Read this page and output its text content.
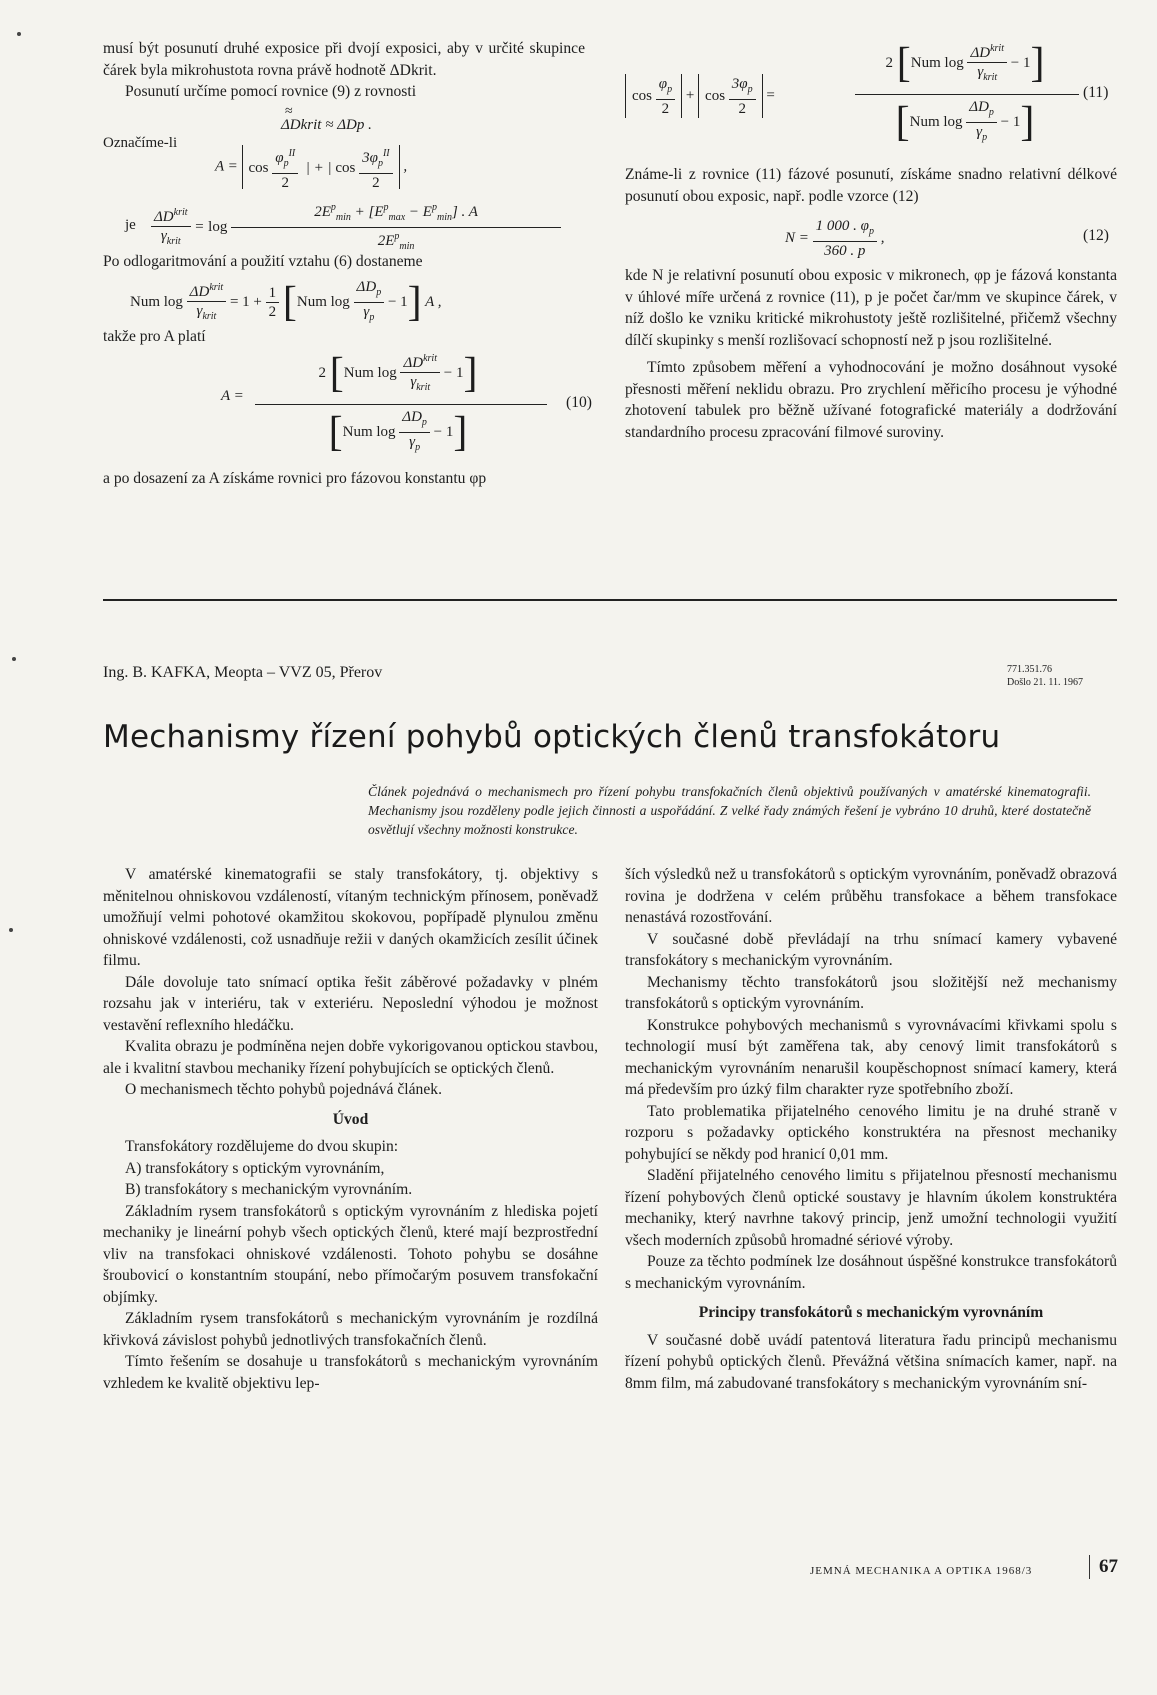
musí být posunutí druhé exposice při dvojí exposici, aby v určité skupince čárek byla mikrohustota rovna právě hodnotě ΔDkrit.

Posunutí určíme pomocí rovnice (9) z rovnosti

≈
ΔDkrit ≈ ΔDp .
Označíme-li
$A = \cos \frac{\varphi_p^{II}}{2}$ | + | $\cos \frac{3\varphi_p^{II}}{2}$ ,
je $\frac{\Delta D^{krit}}{\gamma_{krit}} = \log \frac{2E^p_{min} + [E^p_{max} - E^p_{min}] . A}{2E^p_{min}}$

Po odlogaritmování a použití vztahu (6) dostaneme

Num $\log \frac{\Delta D^{krit}}{\gamma_{krit}} = 1 + \frac{1}{2} [Num$ $\log \frac{\Delta D_p}{\gamma_p} - 1$] A ,

takže pro A platí

A =
2 [Num $\log \frac{\Delta D^{krit}}{\gamma_{krit}} - 1$]
[Num $\log \frac{\Delta D_p}{\gamma_p} - 1$]
(10)

a po dosazení za A získáme rovnici pro fázovou konstantu φp

$\cos \frac{\varphi_p}{2} + \cos \frac{3\varphi_p}{2}$ =
2 [Num $\log \frac{\Delta D^{krit}}{\gamma_{krit}} - 1$]
[Num $\log \frac{\Delta D_p}{\gamma_p} - 1$]
(11)

Známe-li z rovnice (11) fázové posunutí, získáme snadno relativní délkové posunutí obou exposic, např. podle vzorce (12)

$N = \frac{1 000 . \varphi_p}{360 . p}$ ,	(12)

kde N je relativní posunutí obou exposic v mikronech, φp je fázová konstanta v úhlové míře určená z rovnice (11), p je počet čar/mm ve skupince čárek, v níž došlo ke vzniku kritické mikrohustoty ještě rozlišitelné, přičemž všechny dílčí skupinky s menší rozlišovací schopností než p jsou rozlišitelné.

Tímto způsobem měření a vyhodnocování je možno dosáhnout vysoké přesnosti měření neklidu obrazu. Pro zrychlení měřicího procesu je výhodné zhotovení tabulek pro běžně užívané fotografické materiály a dodržování standardního procesu zpracování filmové suroviny.

Ing. B. KAFKA, Meopta – VVZ 05, Přerov	771.351.76
Došlo 21. 11. 1967
Mechanismy řízení pohybů optických členů transfokátoru
Článek pojednává o mechanismech pro řízení pohybu transfokačních členů objektivů používaných v amatérské kinematografii. Mechanismy jsou rozděleny podle jejich činnosti a uspořádání. Z velké řady známých řešení je vybráno 10 druhů, které dostatečně osvětlují všechny možnosti konstrukce.

V amatérské kinematografii se staly transfokátory, tj. objektivy s měnitelnou ohniskovou vzdáleností, vítaným technickým přínosem, poněvadž umožňují velmi pohotové okamžitou skokovou, popřípadě plynulou změnu ohniskové vzdálenosti, což usnadňuje režii v daných okamžicích zesílit účinek filmu.

Dále dovoluje tato snímací optika řešit záběrové požadavky v plném rozsahu jak v interiéru, tak v exteriéru. Neposlední výhodou je možnost vestavění reflexního hledáčku.

Kvalita obrazu je podmíněna nejen dobře vykorigovanou optickou stavbou, ale i kvalitní stavbou mechaniky řízení pohybujících se optických členů.

O mechanismech těchto pohybů pojednává článek.

Úvod

Transfokátory rozdělujeme do dvou skupin:

A) transfokátory s optickým vyrovnáním,

B) transfokátory s mechanickým vyrovnáním.

Základním rysem transfokátorů s optickým vyrovnáním z hlediska pojetí mechaniky je lineární pohyb všech optických členů, které mají bezprostřední vliv na transfokaci ohniskové vzdálenosti. Tohoto pohybu se dosáhne šroubovicí o konstantním stoupání, nebo přímočarým posuvem transfokační objímky.

Základním rysem transfokátorů s mechanickým vyrovnáním je rozdílná křivková závislost pohybů jednotlivých transfokačních členů.

Tímto řešením se dosahuje u transfokátorů s mechanickým vyrovnáním vzhledem ke kvalitě objektivu lep-

ších výsledků než u transfokátorů s optickým vyrovnáním, poněvadž obrazová rovina je dodržena v celém průběhu transfokace a během transfokace nenastává rozostřování.

V současné době převládají na trhu snímací kamery vybavené transfokátory s mechanickým vyrovnáním.

Mechanismy těchto transfokátorů jsou složitější než mechanismy transfokátorů s optickým vyrovnáním.

Konstrukce pohybových mechanismů s vyrovnávacími křivkami spolu s technologií musí být zaměřena tak, aby cenový limit transfokátorů s mechanickým vyrovnáním nenarušil koupěschopnost snímací kamery, která má především pro úzký film charakter ryze spotřebního zboží.

Tato problematika přijatelného cenového limitu je na druhé straně v rozporu s požadavky optického konstruktéra na přesnost mechaniky pohybující se někdy pod hranicí 0,01 mm.

Sladění přijatelného cenového limitu s přijatelnou přesností mechanismu řízení pohybových členů optické soustavy je hlavním úkolem konstruktéra mechaniky, který navrhne takový princip, jenž umožní technologii využití všech moderních způsobů hromadné sériové výroby.

Pouze za těchto podmínek lze dosáhnout úspěšné konstrukce transfokátorů s mechanickým vyrovnáním.

Principy transfokátorů s mechanickým vyrovnáním

V současné době uvádí patentová literatura řadu principů mechanismu řízení pohybů optických členů. Převážná většina snímacích kamer, např. na 8mm film, má zabudované transfokátory s mechanickým vyrovnáním sní-

JEMNÁ MECHANIKA A OPTIKA 1968/3	67
